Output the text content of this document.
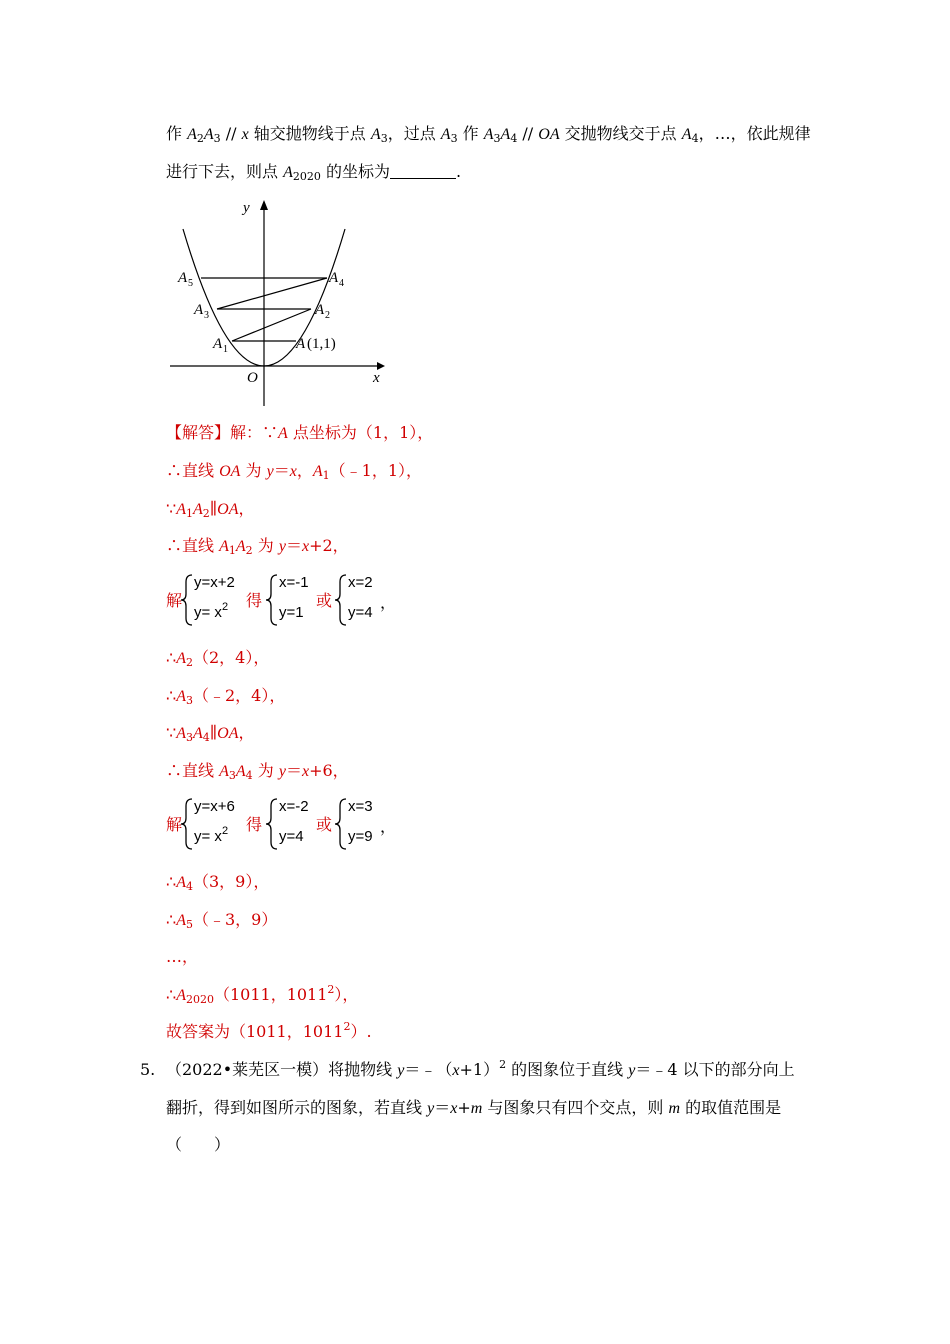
作 $A_2A_3$ // x 轴交抛物线于点 $A_3$，过点 $A_3$ 作 $A_3A_4$ // OA 交抛物线交于点 $A_4$，…，依此规律
进行下去，则点 $A_{2020}$ 的坐标为	.
y
x
O
A 5	A 4
A 3	A 2
A 1	A (1,1)
【解答】解：∵A 点坐标为（1，1），
∴直线 OA 为 y＝x，$A_1(﹣1$，1），
$\because A_1A_2\parallel OA$，
∴直线 $A_1A_2$ 为 y＝x+2，
解
y=x+2
$y= x^2$ 得
x=-1
y=1
或
x=2
y=4
，
$\therefore A_2(2$，4），
$\therefore A_3(﹣2$，4），
$\because A_3A_4\parallel OA$，
∴直线 $A_3A_4$ 为 y＝x+6，
解
y=x+6
$y= x^2$ 得
x=-2
y=4
或
x=3
y=9
，
$\therefore A_4(3$，9），
$\therefore A_5(﹣3$，9）
…，
$\therefore A_{2020}(1011$，1011$^2$），
故答案为（1011，1011$^2$）.
5. （2022•莱芜区一模）将抛物线 $y=﹣(x+1)^2$ 的图象位于直线 y＝﹣4 以下的部分向上
翻折，得到如图所示的图象，若直线 y＝x+m 与图象只有四个交点，则 m 的取值范围是
（　　）
